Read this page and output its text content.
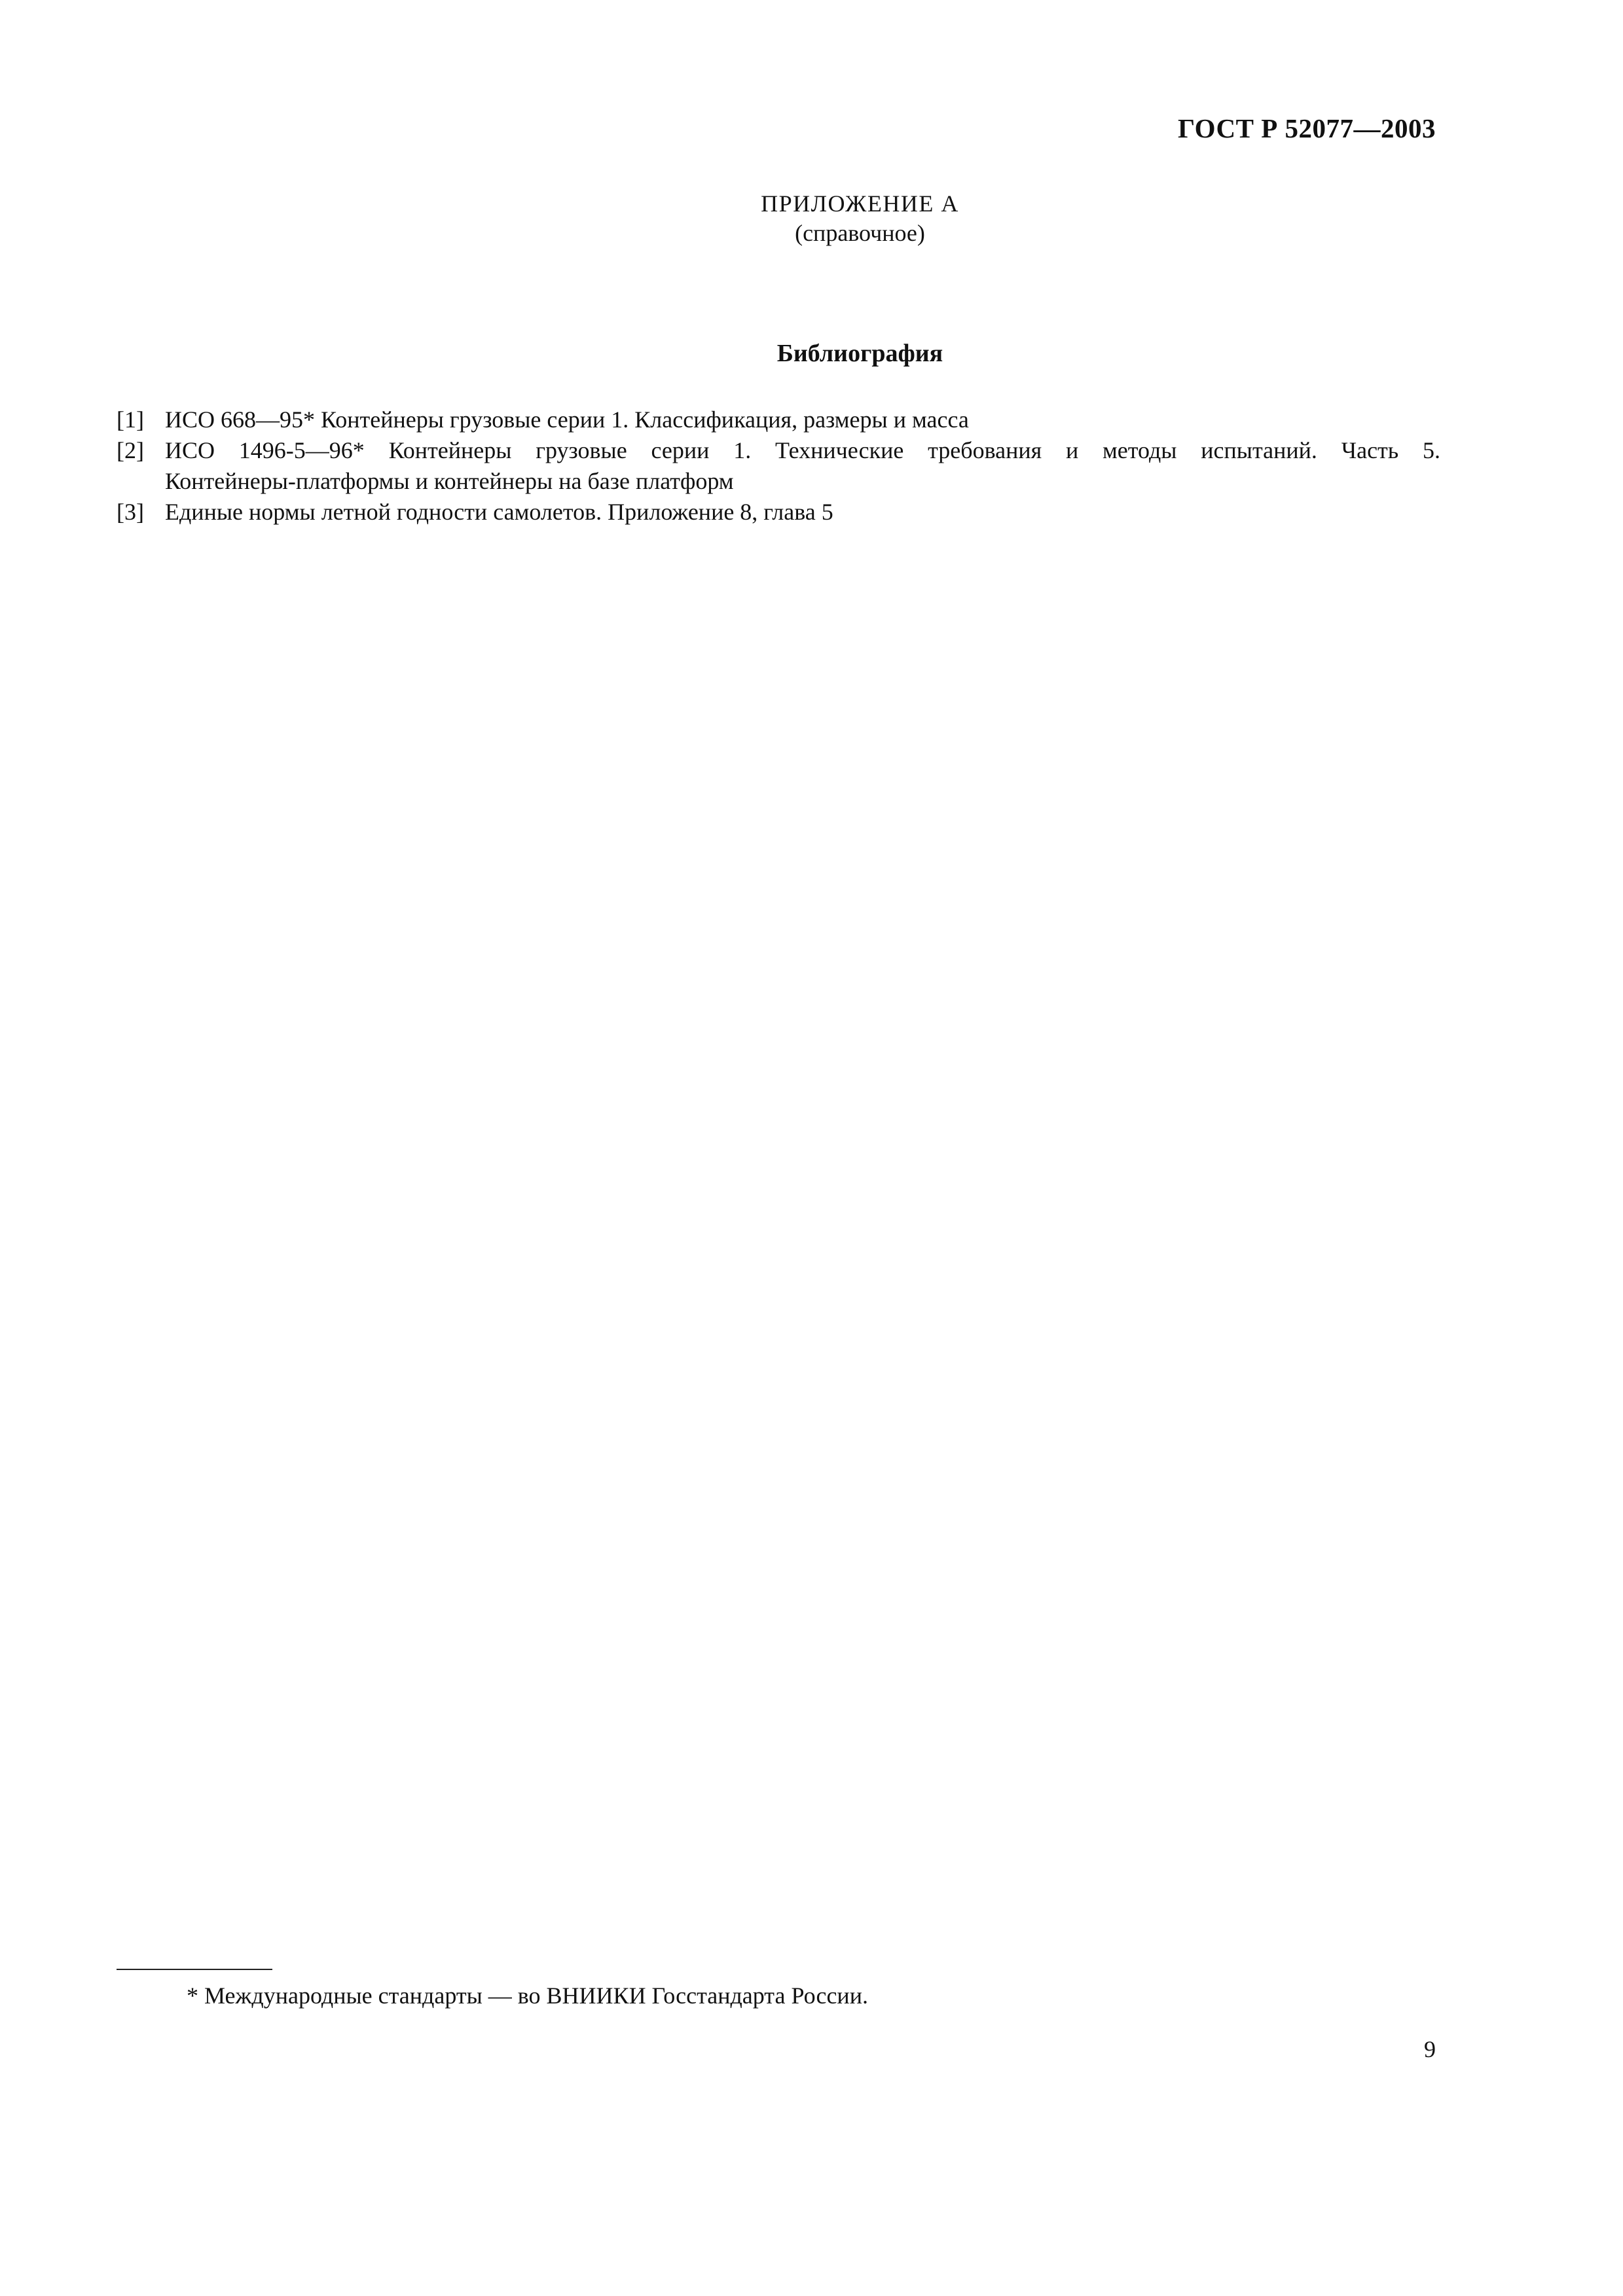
ГОСТ Р 52077—2003
ПРИЛОЖЕНИЕ А
(справочное)
Библиография
[1] ИСО 668—95* Контейнеры грузовые серии 1. Классификация, размеры и масса
[2] ИСО 1496-5—96* Контейнеры грузовые серии 1. Технические требования и методы испытаний. Часть 5.
Контейнеры-платформы и контейнеры на базе платформ
[3] Единые нормы летной годности самолетов. Приложение 8, глава 5
* Международные стандарты — во ВНИИКИ Госстандарта России.
9
